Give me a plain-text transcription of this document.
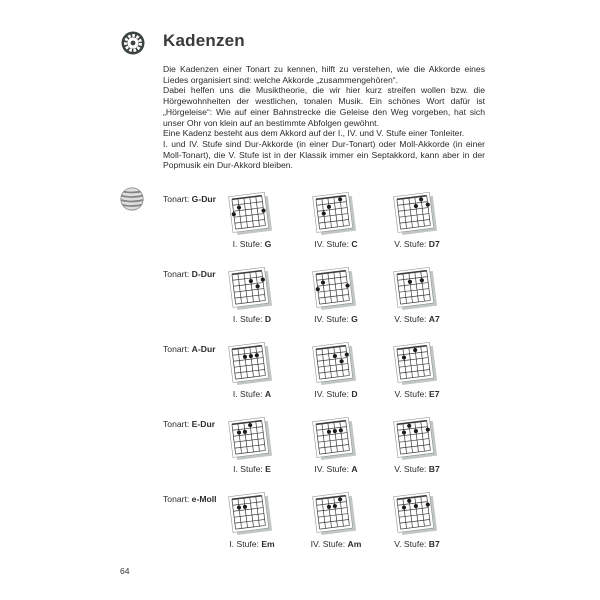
Kadenzen

Die Kadenzen einer Tonart zu kennen, hilft zu verstehen, wie die Akkorde eines Liedes organisiert sind: welche Akkorde „zusammengehören“.

Dabei helfen uns die Musiktheorie, die wir hier kurz streifen wollen bzw. die Hörgewohnheiten der westlichen, tonalen Musik. Ein schönes Wort dafür ist „Hörgeleise“: Wie auf einer Bahnstrecke die Geleise den Weg vorgeben, hat sich unser Ohr von klein auf an bestimmte Abfolgen gewöhnt.

Eine Kadenz besteht aus dem Akkord auf der I., IV. und V. Stufe einer Tonleiter.

I. und IV. Stufe sind Dur-Akkorde (in einer Dur-Tonart) oder Moll-Akkorde (in einer Moll-Tonart), die V. Stufe ist in der Klassik immer ein Septakkord, kann aber in der Popmusik ein Dur-Akkord bleiben.

Tonart: G-Dur
I. Stufe: G	IV. Stufe: C	V. Stufe: D7
Tonart: D-Dur
I. Stufe: D	IV. Stufe: G	V. Stufe: A7
Tonart: A-Dur
I. Stufe: A	IV. Stufe: D	V. Stufe: E7
Tonart: E-Dur
I. Stufe: E	IV. Stufe: A	V. Stufe: B7
Tonart: e-Moll
I. Stufe: Em	IV. Stufe: Am	V. Stufe: B7
64
